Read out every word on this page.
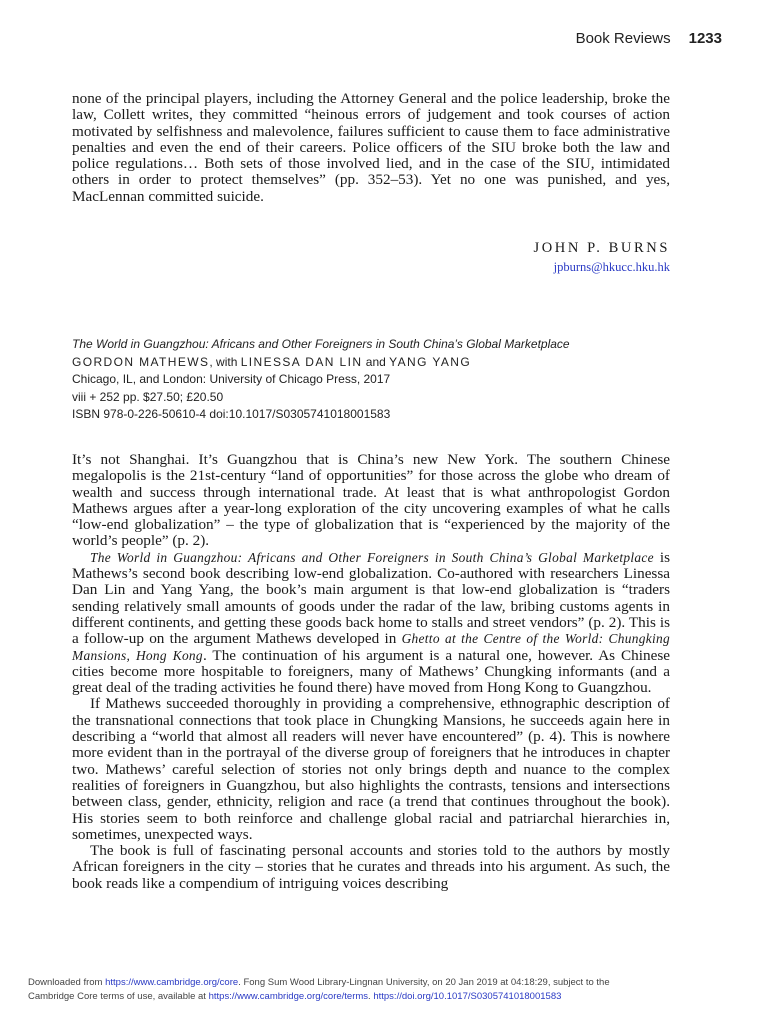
Book Reviews 1233

none of the principal players, including the Attorney General and the police leadership, broke the law, Collett writes, they committed “heinous errors of judgement and took courses of action motivated by selfishness and malevolence, failures sufficient to cause them to face administrative penalties and even the end of their careers. Police officers of the SIU broke both the law and police regulations… Both sets of those involved lied, and in the case of the SIU, intimidated others in order to protect themselves” (pp. 352–53). Yet no one was punished, and yes, MacLennan committed suicide.

JOHN P. BURNS
jpburns@hkucc.hku.hk
The World in Guangzhou: Africans and Other Foreigners in South China’s Global Marketplace
GORDON MATHEWS, with LINESSA DAN LIN and YANG YANG
Chicago, IL, and London: University of Chicago Press, 2017
viii + 252 pp. $27.50; £20.50
ISBN 978-0-226-50610-4 doi:10.1017/S0305741018001583

It’s not Shanghai. It’s Guangzhou that is China’s new New York. The southern Chinese megalopolis is the 21st-century “land of opportunities” for those across the globe who dream of wealth and success through international trade. At least that is what anthropologist Gordon Mathews argues after a year-long exploration of the city uncovering examples of what he calls “low-end globalization” – the type of globalization that is “experienced by the majority of the world’s people” (p. 2).

The World in Guangzhou: Africans and Other Foreigners in South China’s Global Marketplace is Mathews’s second book describing low-end globalization. Co-authored with researchers Linessa Dan Lin and Yang Yang, the book’s main argument is that low-end globalization is “traders sending relatively small amounts of goods under the radar of the law, bribing customs agents in different continents, and getting these goods back home to stalls and street vendors” (p. 2). This is a follow-up on the argument Mathews developed in Ghetto at the Centre of the World: Chungking Mansions, Hong Kong. The continuation of his argument is a natural one, however. As Chinese cities become more hospitable to foreigners, many of Mathews’ Chungking informants (and a great deal of the trading activities he found there) have moved from Hong Kong to Guangzhou.

If Mathews succeeded thoroughly in providing a comprehensive, ethnographic description of the transnational connections that took place in Chungking Mansions, he succeeds again here in describing a “world that almost all readers will never have encountered” (p. 4). This is nowhere more evident than in the portrayal of the diverse group of foreigners that he introduces in chapter two. Mathews’ careful selection of stories not only brings depth and nuance to the complex realities of foreigners in Guangzhou, but also highlights the contrasts, tensions and intersections between class, gender, ethnicity, religion and race (a trend that continues throughout the book). His stories seem to both reinforce and challenge global racial and patriarchal hierarchies in, sometimes, unexpected ways.

The book is full of fascinating personal accounts and stories told to the authors by mostly African foreigners in the city – stories that he curates and threads into his argument. As such, the book reads like a compendium of intriguing voices describing

Downloaded from https://www.cambridge.org/core. Fong Sum Wood Library-Lingnan University, on 20 Jan 2019 at 04:18:29, subject to the
Cambridge Core terms of use, available at https://www.cambridge.org/core/terms. https://doi.org/10.1017/S0305741018001583
